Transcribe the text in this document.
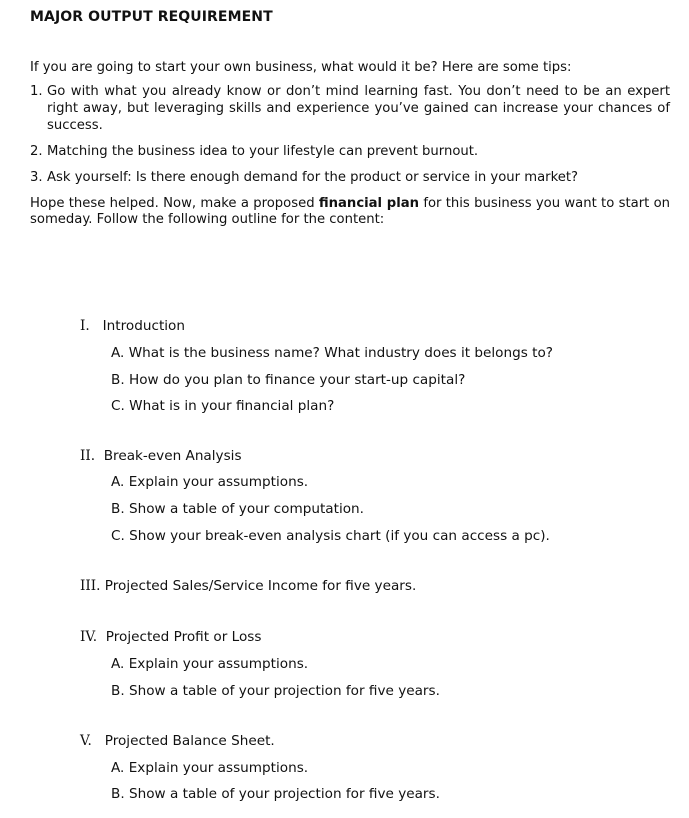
MAJOR OUTPUT REQUIREMENT
If you are going to start your own business, what would it be? Here are some tips:
1. Go with what you already know or don’t mind learning fast. You don’t need to be an expert right away, but leveraging skills and experience you’ve gained can increase your chances of success.
2. Matching the business idea to your lifestyle can prevent burnout.
3. Ask yourself: Is there enough demand for the product or service in your market?
Hope these helped. Now, make a proposed financial plan for this business you want to start on someday. Follow the following outline for the content:
I. Introduction
A. What is the business name? What industry does it belongs to?
B. How do you plan to finance your start-up capital?
C. What is in your financial plan?
II. Break-even Analysis
A. Explain your assumptions.
B. Show a table of your computation.
C. Show your break-even analysis chart (if you can access a pc).
III. Projected Sales/Service Income for five years.
IV. Projected Profit or Loss
A. Explain your assumptions.
B. Show a table of your projection for five years.
V. Projected Balance Sheet.
A. Explain your assumptions.
B. Show a table of your projection for five years.
